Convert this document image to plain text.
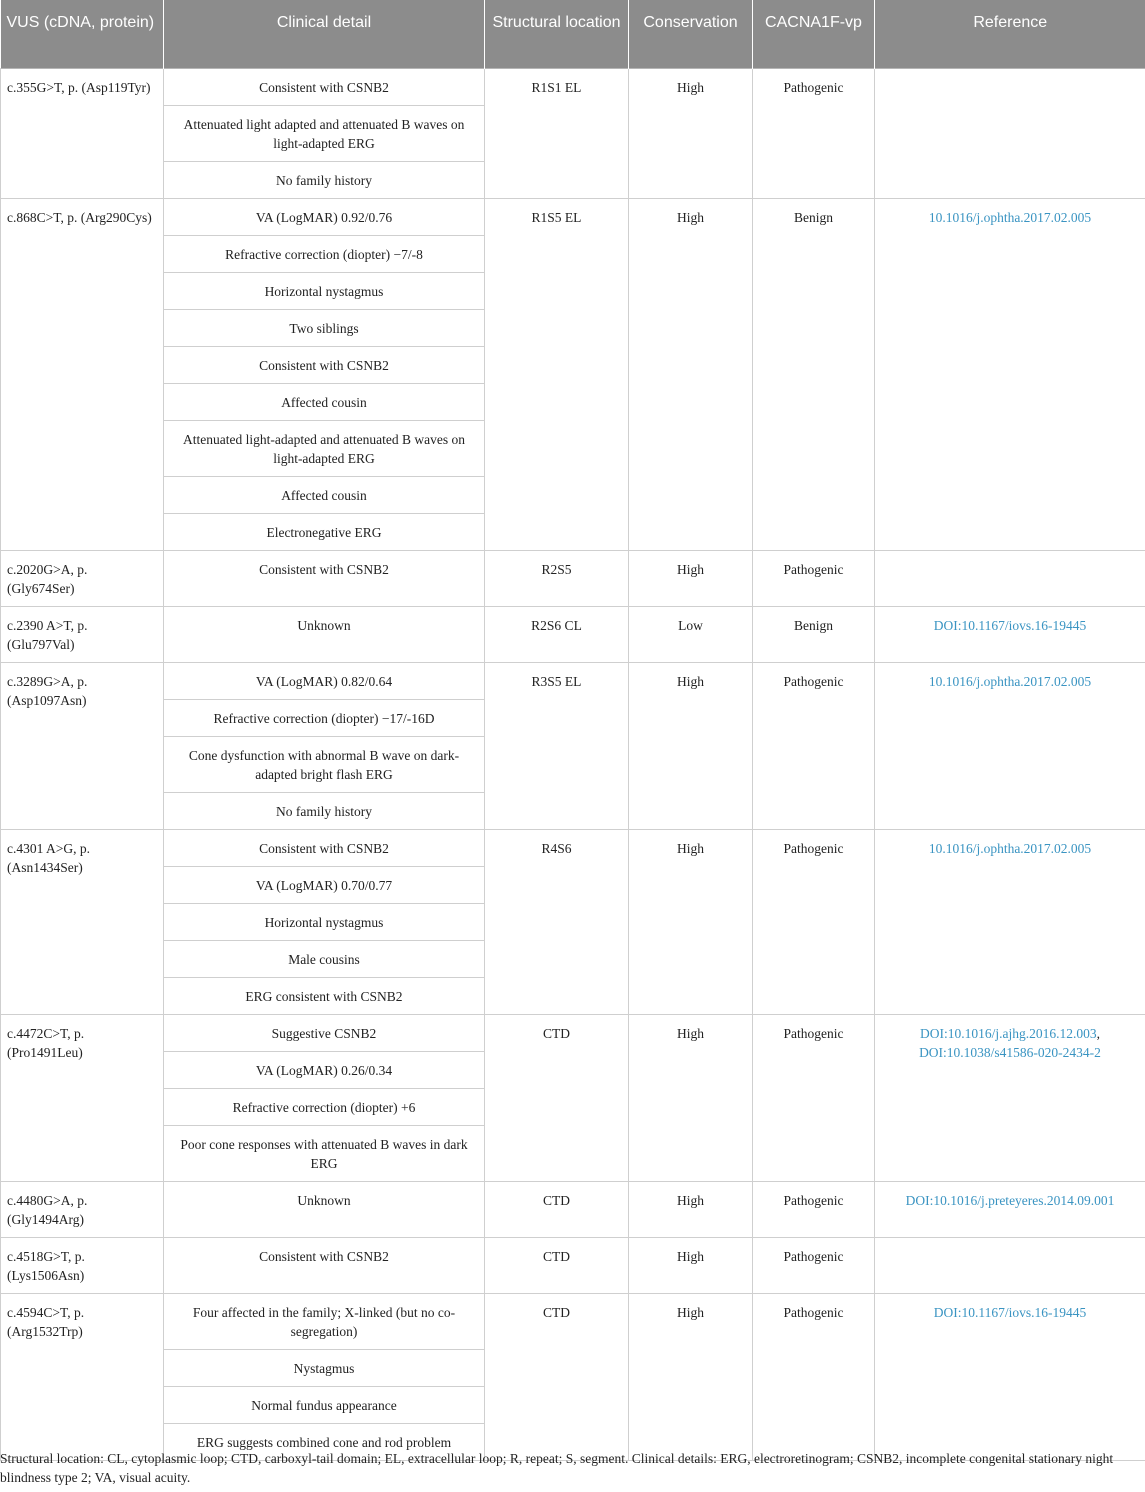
VUS (cDNA, protein)	Clinical detail	Structural location	Conservation	CACNA1F-vp	Reference
c.355G>T, p. (Asp119Tyr)	Consistent with CSNB2	R1S1 EL	High	Pathogenic	
	Attenuated light adapted and attenuated B waves on light-adapted ERG				
	No family history				
c.868C>T, p. (Arg290Cys)	VA (LogMAR) 0.92/0.76	R1S5 EL	High	Benign	10.1016/j.ophtha.2017.02.005
	Refractive correction (diopter) −7/-8				
	Horizontal nystagmus				
	Two siblings				
	Consistent with CSNB2				
	Affected cousin				
	Attenuated light-adapted and attenuated B waves on light-adapted ERG				
	Affected cousin				
	Electronegative ERG				
c.2020G>A, p. (Gly674Ser)	Consistent with CSNB2	R2S5	High	Pathogenic	
c.2390 A>T, p. (Glu797Val)	Unknown	R2S6 CL	Low	Benign	DOI:10.1167/iovs.16-19445
c.3289G>A, p. (Asp1097Asn)	VA (LogMAR) 0.82/0.64	R3S5 EL	High	Pathogenic	10.1016/j.ophtha.2017.02.005
	Refractive correction (diopter) −17/-16D				
	Cone dysfunction with abnormal B wave on dark-adapted bright flash ERG				
	No family history				
c.4301 A>G, p. (Asn1434Ser)	Consistent with CSNB2	R4S6	High	Pathogenic	10.1016/j.ophtha.2017.02.005
	VA (LogMAR) 0.70/0.77				
	Horizontal nystagmus				
	Male cousins				
	ERG consistent with CSNB2				
c.4472C>T, p. (Pro1491Leu)	Suggestive CSNB2	CTD	High	Pathogenic	DOI:10.1016/j.ajhg.2016.12.003, DOI:10.1038/s41586-020-2434-2
	VA (LogMAR) 0.26/0.34				
	Refractive correction (diopter) +6				
	Poor cone responses with attenuated B waves in dark ERG				
c.4480G>A, p. (Gly1494Arg)	Unknown	CTD	High	Pathogenic	DOI:10.1016/j.preteyeres.2014.09.001
c.4518G>T, p. (Lys1506Asn)	Consistent with CSNB2	CTD	High	Pathogenic	
c.4594C>T, p. (Arg1532Trp)	Four affected in the family; X-linked (but no co-segregation)	CTD	High	Pathogenic	DOI:10.1167/iovs.16-19445
	Nystagmus				
	Normal fundus appearance				
	ERG suggests combined cone and rod problem				
Structural location: CL, cytoplasmic loop; CTD, carboxyl-tail domain; EL, extracellular loop; R, repeat; S, segment. Clinical details: ERG, electroretinogram; CSNB2, incomplete congenital stationary night blindness type 2; VA, visual acuity.
